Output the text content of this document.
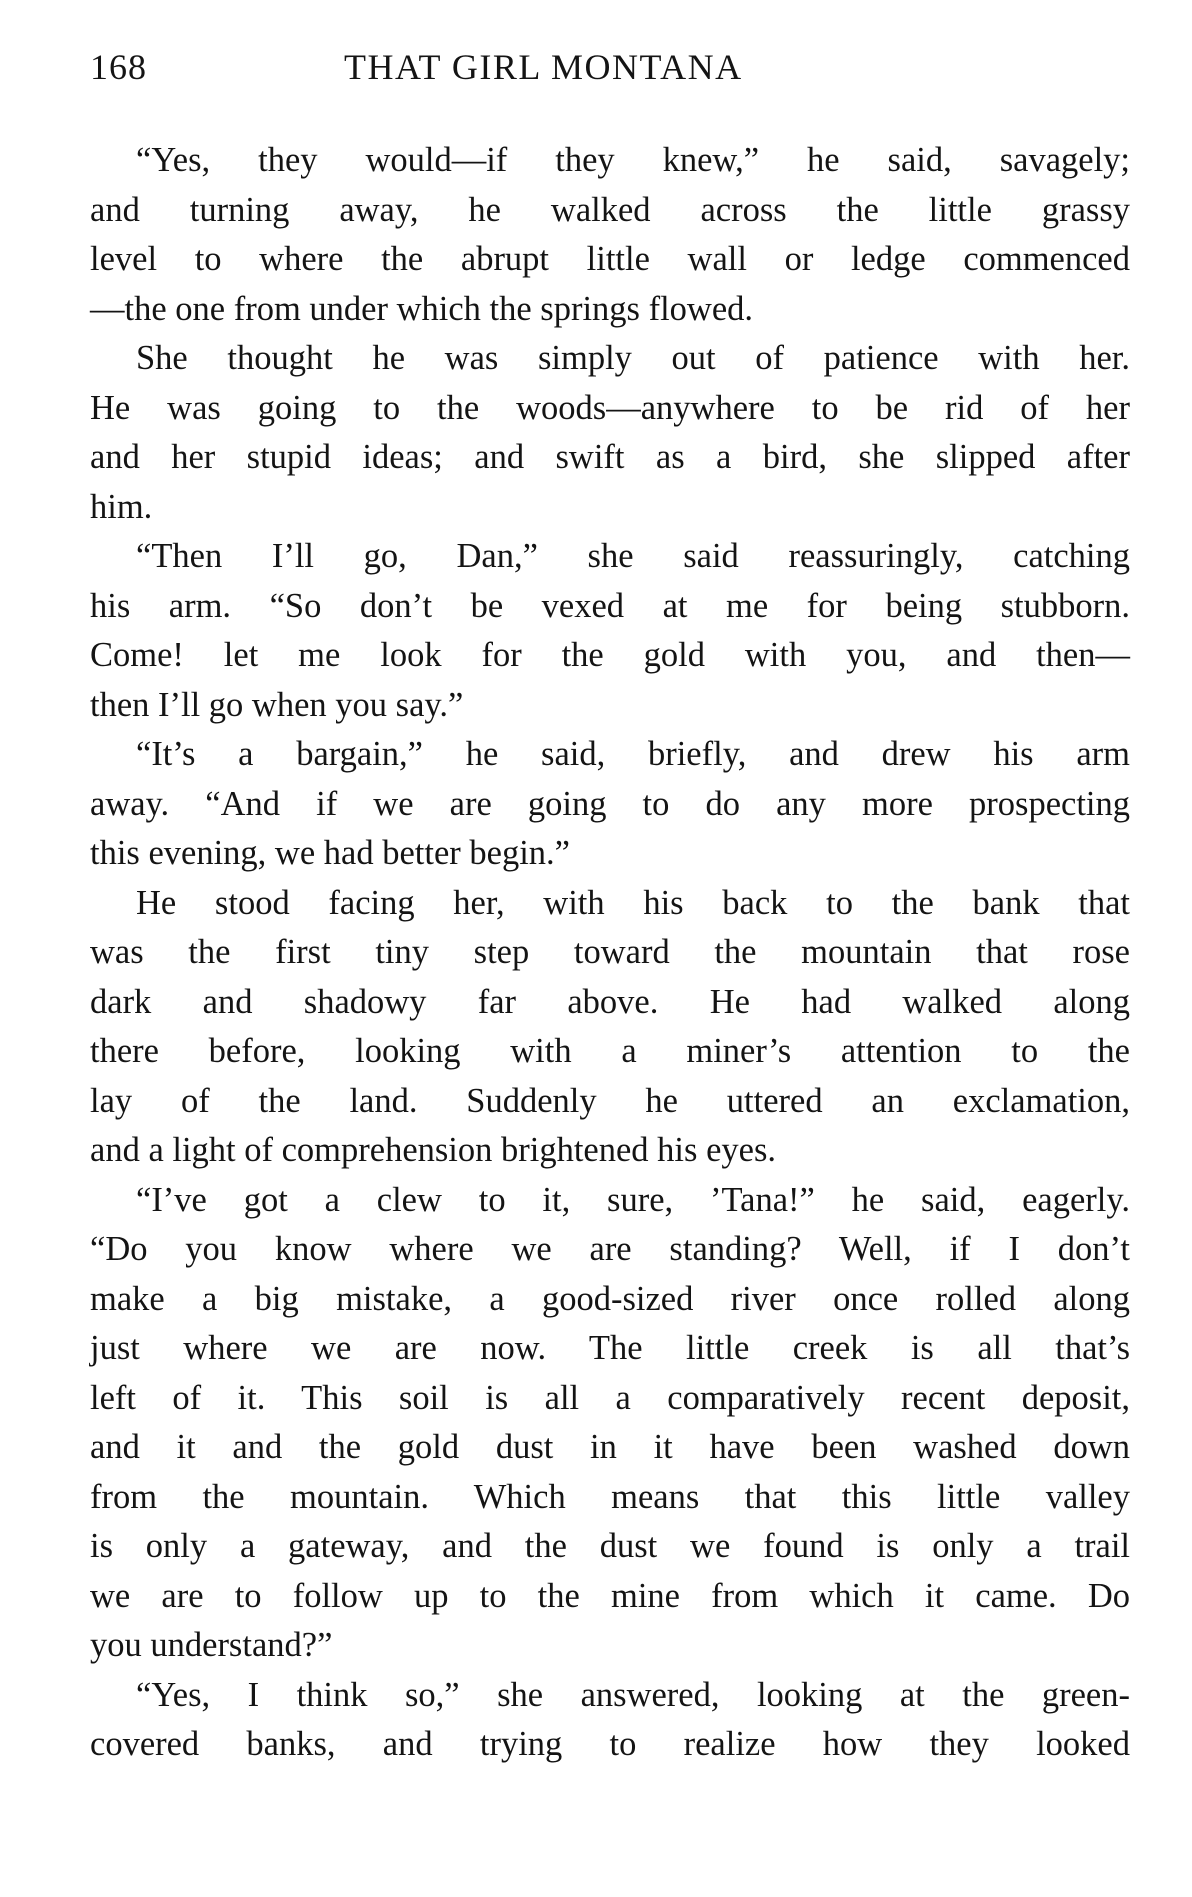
168	THAT GIRL MONTANA
“Yes, they would—if they knew,” he said, savagely;
and turning away, he walked across the little grassy
level to where the abrupt little wall or ledge commenced
—the one from under which the springs flowed.
She thought he was simply out of patience with her.
He was going to the woods—anywhere to be rid of her
and her stupid ideas; and swift as a bird, she slipped after
him.
“Then I’ll go, Dan,” she said reassuringly, catching
his arm. “So don’t be vexed at me for being stubborn.
Come! let me look for the gold with you, and then—
then I’ll go when you say.”
“It’s a bargain,” he said, briefly, and drew his arm
away. “And if we are going to do any more prospecting
this evening, we had better begin.”
He stood facing her, with his back to the bank that
was the first tiny step toward the mountain that rose
dark and shadowy far above. He had walked along
there before, looking with a miner’s attention to the
lay of the land. Suddenly he uttered an exclamation,
and a light of comprehension brightened his eyes.
“I’ve got a clew to it, sure, ’Tana!” he said, eagerly.
“Do you know where we are standing? Well, if I don’t
make a big mistake, a good-sized river once rolled along
just where we are now. The little creek is all that’s
left of it. This soil is all a comparatively recent deposit,
and it and the gold dust in it have been washed down
from the mountain. Which means that this little valley
is only a gateway, and the dust we found is only a trail
we are to follow up to the mine from which it came. Do
you understand?”
“Yes, I think so,” she answered, looking at the green-
covered banks, and trying to realize how they looked
